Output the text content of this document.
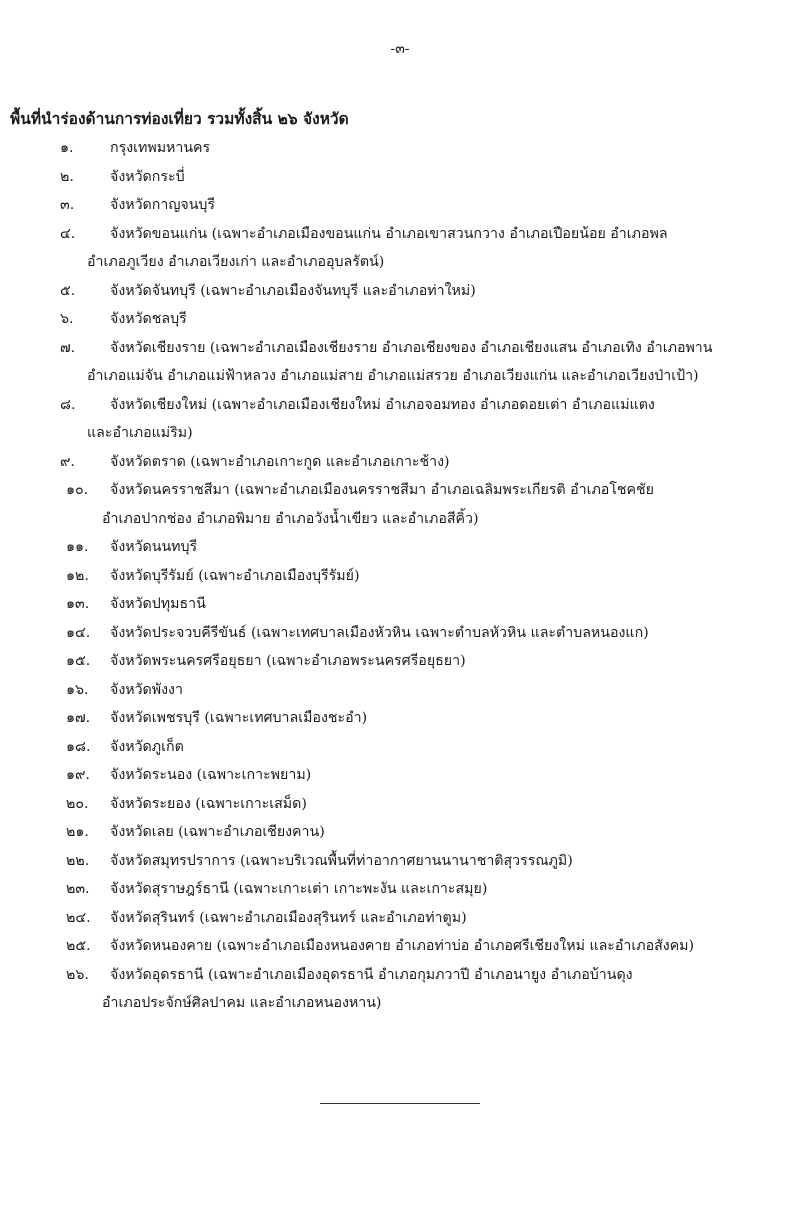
-๓-
พื้นที่นำร่องด้านการท่องเที่ยว รวมทั้งสิ้น ๒๖ จังหวัด
๑.	กรุงเทพมหานคร
๒.	จังหวัดกระบี่
๓.	จังหวัดกาญจนบุรี
๔. จังหวัดขอนแก่น (เฉพาะอำเภอเมืองขอนแก่น อำเภอเขาสวนกวาง อำเภอเปือยน้อย อำเภอพล
อำเภอภูเวียง อำเภอเวียงเก่า และอำเภออุบลรัตน์)
๕. จังหวัดจันทบุรี (เฉพาะอำเภอเมืองจันทบุรี และอำเภอท่าใหม่)
๖.	จังหวัดชลบุรี
๗. จังหวัดเชียงราย (เฉพาะอำเภอเมืองเชียงราย อำเภอเชียงของ อำเภอเชียงแสน อำเภอเทิง อำเภอพาน
อำเภอแม่จัน อำเภอแม่ฟ้าหลวง อำเภอแม่สาย อำเภอแม่สรวย อำเภอเวียงแก่น และอำเภอเวียงป่าเป้า)
๘. จังหวัดเชียงใหม่ (เฉพาะอำเภอเมืองเชียงใหม่ อำเภอจอมทอง อำเภอดอยเต่า อำเภอแม่แตง
และอำเภอแม่ริม)
๙. จังหวัดตราด (เฉพาะอำเภอเกาะกูด และอำเภอเกาะช้าง)
๑๐. จังหวัดนครราชสีมา (เฉพาะอำเภอเมืองนครราชสีมา อำเภอเฉลิมพระเกียรติ อำเภอโชคชัย
อำเภอปากช่อง อำเภอพิมาย อำเภอวังน้ำเขียว และอำเภอสีคิ้ว)
๑๑. จังหวัดนนทบุรี
๑๒. จังหวัดบุรีรัมย์ (เฉพาะอำเภอเมืองบุรีรัมย์)
๑๓. จังหวัดปทุมธานี
๑๔. จังหวัดประจวบคีรีขันธ์ (เฉพาะเทศบาลเมืองหัวหิน เฉพาะตำบลหัวหิน และตำบลหนองแก)
๑๕. จังหวัดพระนครศรีอยุธยา (เฉพาะอำเภอพระนครศรีอยุธยา)
๑๖. จังหวัดพังงา
๑๗. จังหวัดเพชรบุรี (เฉพาะเทศบาลเมืองชะอำ)
๑๘. จังหวัดภูเก็ต
๑๙. จังหวัดระนอง (เฉพาะเกาะพยาม)
๒๐. จังหวัดระยอง (เฉพาะเกาะเสม็ด)
๒๑. จังหวัดเลย (เฉพาะอำเภอเชียงคาน)
๒๒. จังหวัดสมุทรปราการ (เฉพาะบริเวณพื้นที่ท่าอากาศยานนานาชาติสุวรรณภูมิ)
๒๓. จังหวัดสุราษฎร์ธานี (เฉพาะเกาะเต่า เกาะพะงัน และเกาะสมุย)
๒๔. จังหวัดสุรินทร์ (เฉพาะอำเภอเมืองสุรินทร์ และอำเภอท่าตูม)
๒๕. จังหวัดหนองคาย (เฉพาะอำเภอเมืองหนองคาย อำเภอท่าบ่อ อำเภอศรีเชียงใหม่ และอำเภอสังคม)
๒๖. จังหวัดอุดรธานี (เฉพาะอำเภอเมืองอุดรธานี อำเภอกุมภวาปี อำเภอนายูง อำเภอบ้านดุง
อำเภอประจักษ์ศิลปาคม และอำเภอหนองหาน)
